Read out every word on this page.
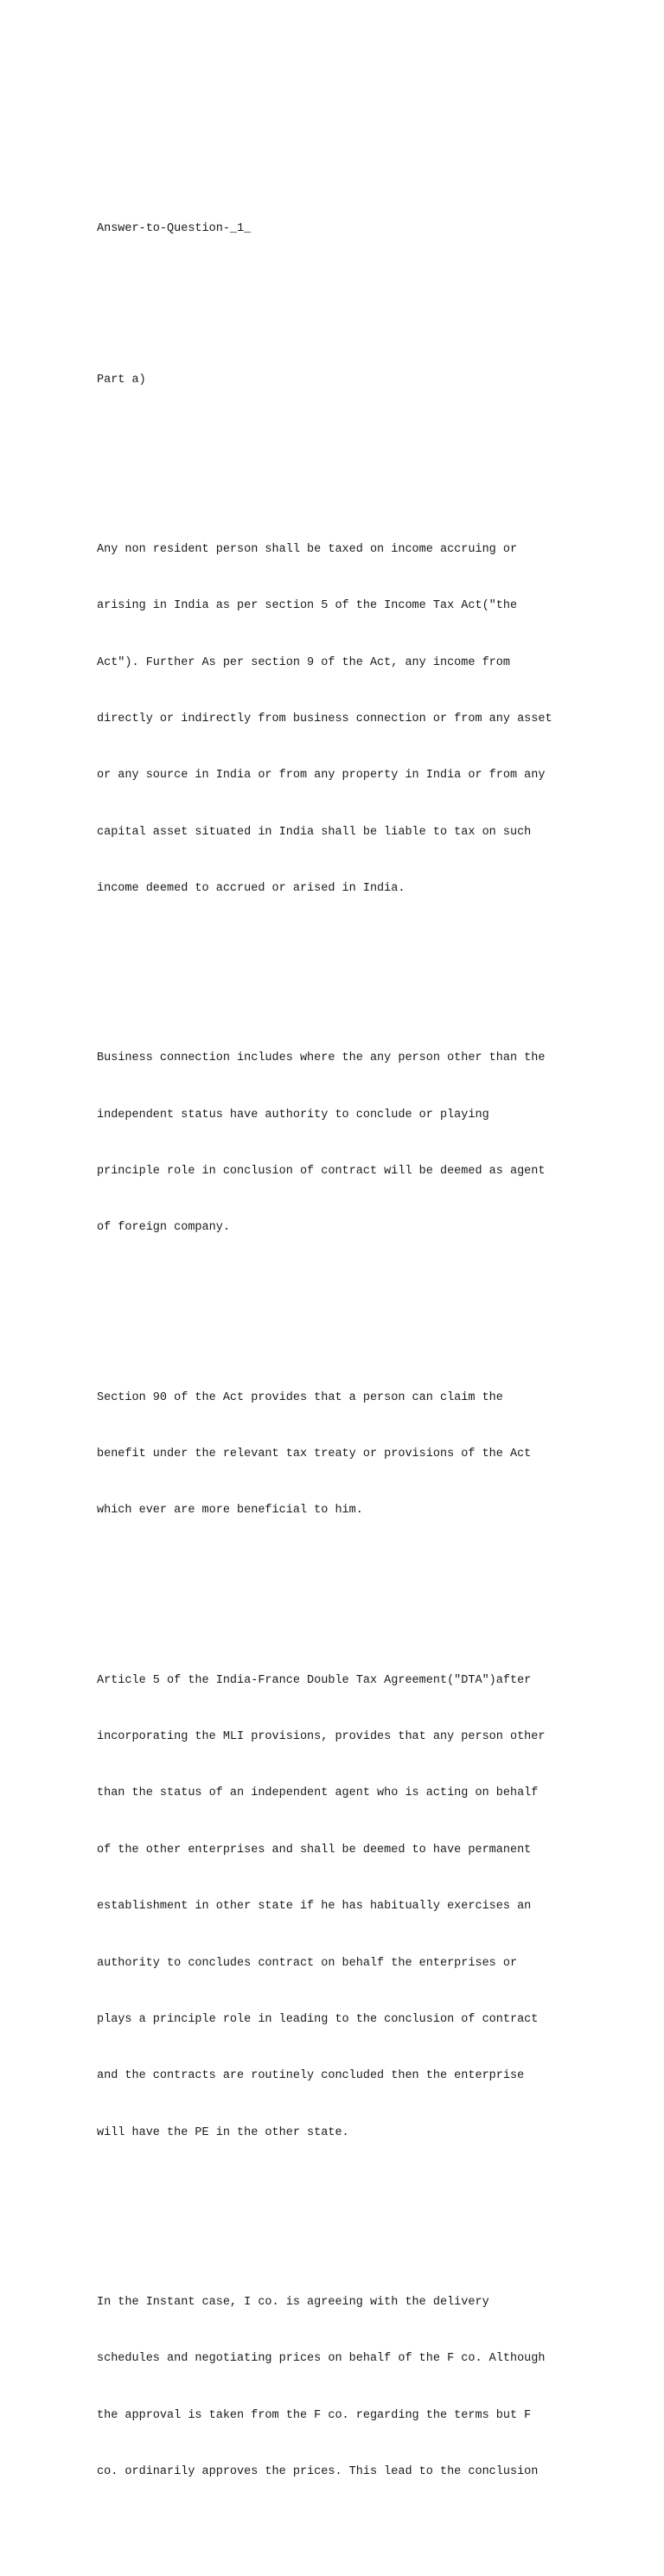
Answer-to-Question-_1_

Part a)

Any non resident person shall be taxed on income accruing or

arising in India as per section 5 of the Income Tax Act("the

Act"). Further As per section 9 of the Act, any income from

directly or indirectly from business connection or from any asset

or any source in India or from any property in India or from any

capital asset situated in India shall be liable to tax on such

income deemed to accrued or arised in India.

Business connection includes where the any person other than the

independent status have authority to conclude or playing

principle role in conclusion of contract will be deemed as agent

of foreign company.

Section 90 of the Act provides that a person can claim the

benefit under the relevant tax treaty or provisions of the Act

which ever are more beneficial to him.

Article 5 of the India-France Double Tax Agreement("DTA")after

incorporating the MLI provisions, provides that any person other

than the status of an independent agent who is acting on behalf

of the other enterprises and shall be deemed to have permanent

establishment in other state if he has habitually exercises an

authority to concludes contract on behalf the enterprises or

plays a principle role in leading to the conclusion of contract

and the contracts are routinely concluded then the enterprise

will have the PE in the other state.

In the Instant case, I co. is agreeing with the delivery

schedules and negotiating prices on behalf of the F co. Although

the approval is taken from the F co. regarding the terms but F

co. ordinarily approves the prices. This lead to the conclusion
